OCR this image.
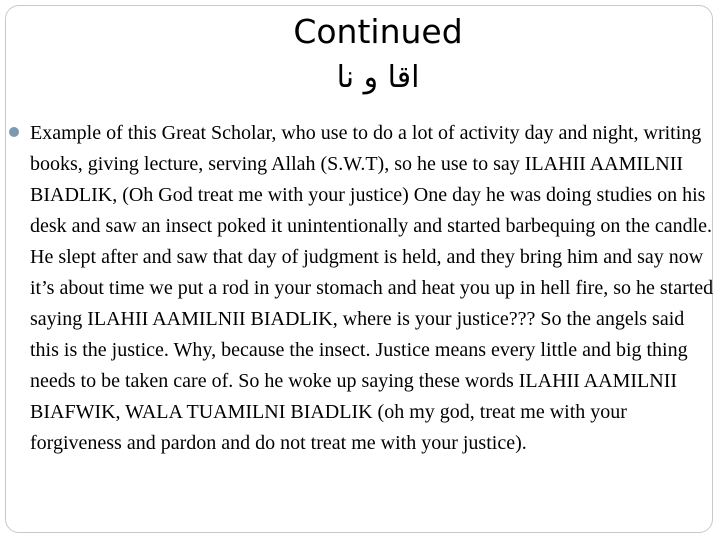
Continued
اقا و نا
Example of this Great Scholar, who use to do a lot of activity day and night, writing books, giving lecture, serving Allah (S.W.T), so he use to say ILAHII AAMILNII BIADLIK, (Oh God treat me with your justice) One day he was doing studies on his desk and saw an insect poked it unintentionally and started barbequing on the candle. He slept after and saw that day of judgment is held, and they bring him and say now it’s about time we put a rod in your stomach and heat you up in hell fire, so he started saying ILAHII AAMILNII BIADLIK, where is your justice??? So the angels said this is the justice. Why, because the insect. Justice means every little and big thing needs to be taken care of. So he woke up saying these words ILAHII AAMILNII BIAFWIK, WALA TUAMILNI BIADLIK (oh my god, treat me with your forgiveness and pardon and do not treat me with your justice).
